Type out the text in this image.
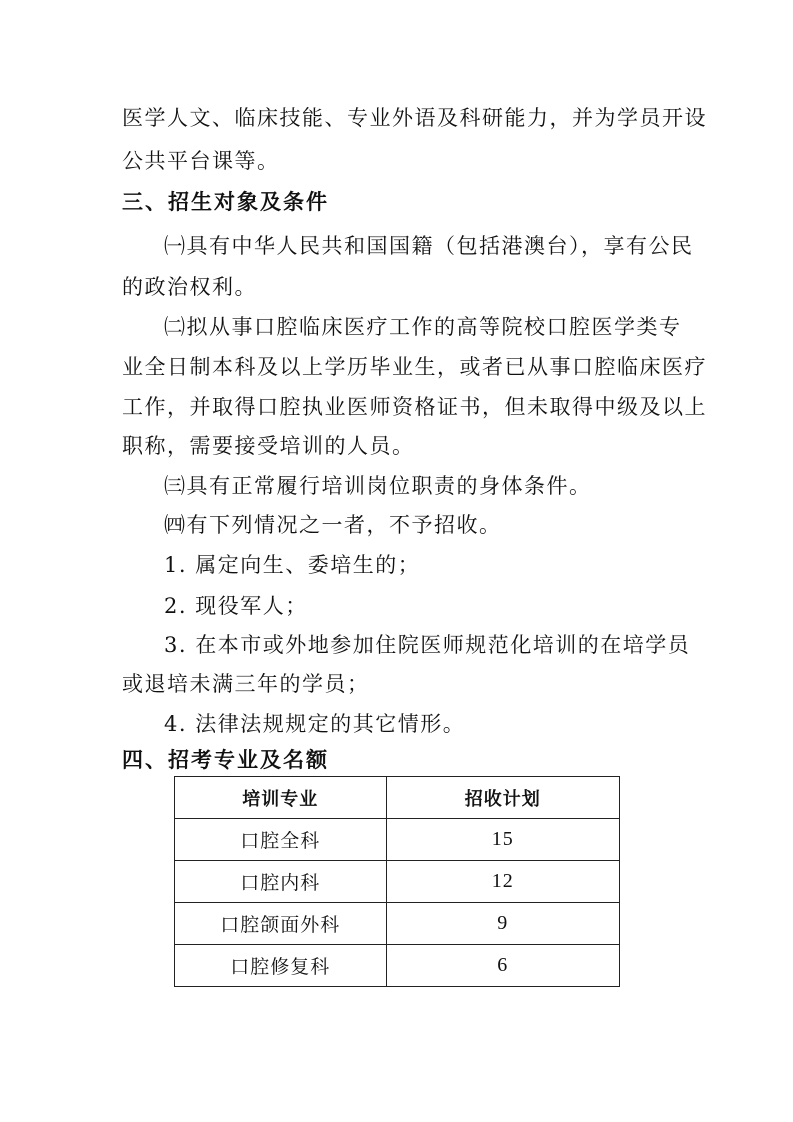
医学人文、临床技能、专业外语及科研能力，并为学员开设
公共平台课等。
三、招生对象及条件
㈠具有中华人民共和国国籍（包括港澳台），享有公民
的政治权利。
㈡拟从事口腔临床医疗工作的高等院校口腔医学类专
业全日制本科及以上学历毕业生，或者已从事口腔临床医疗
工作，并取得口腔执业医师资格证书，但未取得中级及以上
职称，需要接受培训的人员。
㈢具有正常履行培训岗位职责的身体条件。
㈣有下列情况之一者，不予招收。
1. 属定向生、委培生的；
2. 现役军人；
3. 在本市或外地参加住院医师规范化培训的在培学员
或退培未满三年的学员；
4. 法律法规规定的其它情形。
四、招考专业及名额
培训专业	招收计划
口腔全科	15
口腔内科	12
口腔颌面外科	9
口腔修复科	6
